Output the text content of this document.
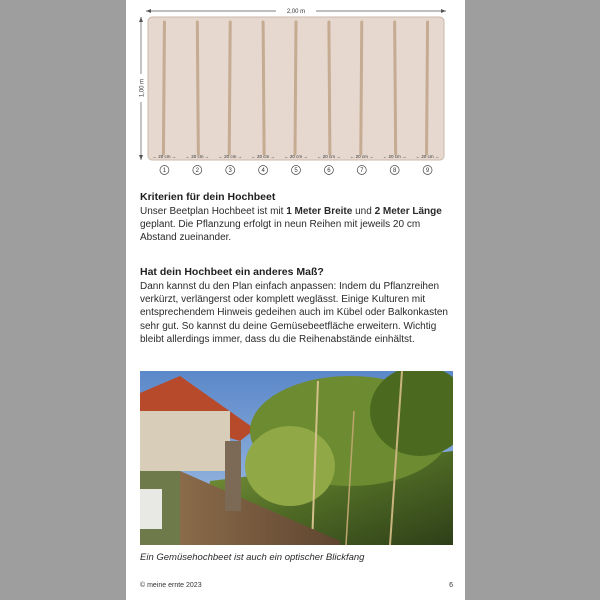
2,00 m
1,00 m
← 20 cm → ← 20 cm → ← 20 cm → ← 20 cm → ← 20 cm → ← 20 cm → ← 20 cm → ← 20 cm → ← 20 cm →
1	2	3	4	5	6	7	8	9
Kriterien für dein Hochbeet
Unser Beetplan Hochbeet ist mit 1 Meter Breite und 2 Meter Länge geplant. Die Pflanzung erfolgt in neun Reihen mit jeweils 20 cm Abstand zueinander.
Hat dein Hochbeet ein anderes Maß?
Dann kannst du den Plan einfach anpassen: Indem du Pflanzreihen verkürzt, verlängerst oder komplett weglässt. Einige Kulturen mit entsprechendem Hinweis gedeihen auch im Kübel oder Balkonkasten sehr gut. So kannst du deine Gemüsebeetfläche erweitern. Wichtig bleibt allerdings immer, dass du die Reihenabstände einhältst.
Ein Gemüsehochbeet ist auch ein optischer Blickfang
© meine ernte 2023	6
